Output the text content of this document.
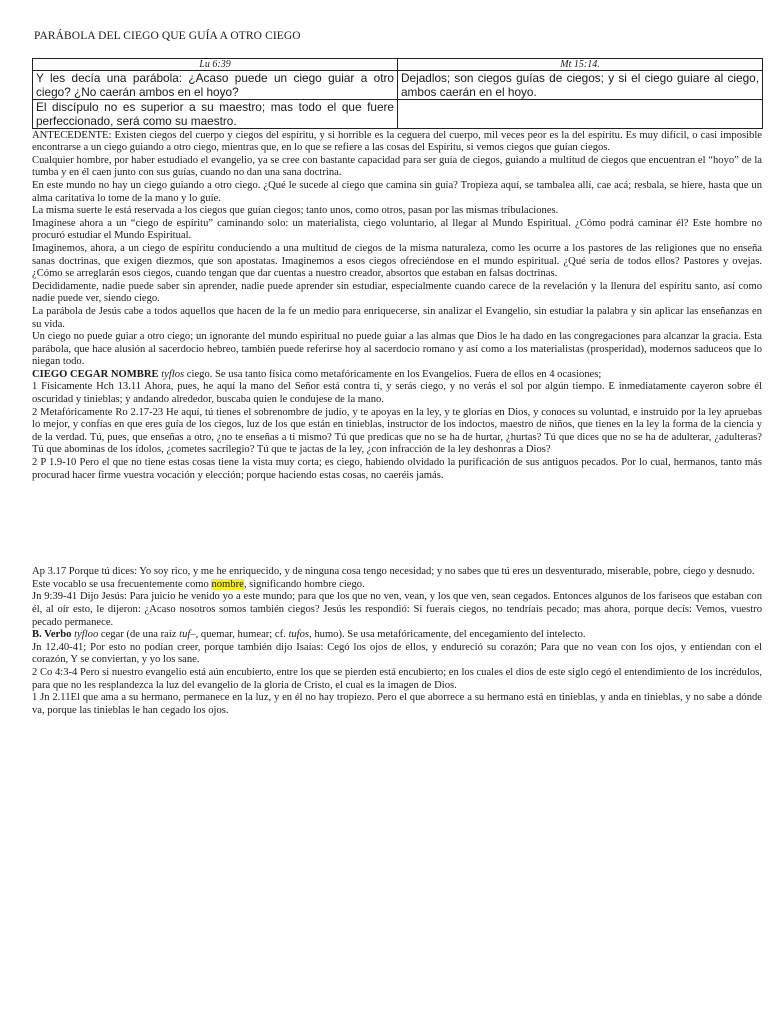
PARÁBOLA DEL CIEGO QUE GUÍA A OTRO CIEGO
Lu 6:39	Mt 15:14.
Y les decía una parábola: ¿Acaso puede un ciego guiar a otro ciego? ¿No caerán ambos en el hoyo?	Dejadlos; son ciegos guías de ciegos; y si el ciego guiare al ciego, ambos caerán en el hoyo.
El discípulo no es superior a su maestro; mas todo el que fuere perfeccionado, será como su maestro.	

ANTECEDENTE: Existen ciegos del cuerpo y ciegos del espíritu, y si horrible es la ceguera del cuerpo, mil veces peor es la del espíritu. Es muy difícil, o casi imposible encontrarse a un ciego guiando a otro ciego, mientras que, en lo que se refiere a las cosas del Espíritu, si vemos ciegos que guían ciegos.

Cualquier hombre, por haber estudiado el evangelio, ya se cree con bastante capacidad para ser guía de ciegos, guiando a multitud de ciegos que encuentran el “hoyo” de la tumba y en él caen junto con sus guías, cuando no dan una sana doctrina.

En este mundo no hay un ciego guiando a otro ciego. ¿Qué le sucede al ciego que camina sin guía? Tropieza aquí, se tambalea allí, cae acá; resbala, se hiere, hasta que un alma caritativa lo tome de la mano y lo guíe.

La misma suerte le está reservada a los ciegos que guían ciegos; tanto unos, como otros, pasan por las mismas tribulaciones.

Imagínese ahora a un “ciego de espíritu” caminando solo: un materialista, ciego voluntario, al llegar al Mundo Espiritual. ¿Cómo podrá caminar él? Este hombre no procuró estudiar el Mundo Espiritual.

Imaginemos, ahora, a un ciego de espíritu conduciendo a una multitud de ciegos de la misma naturaleza, como les ocurre a los pastores de las religiones que no enseña sanas doctrinas, que exigen diezmos, que son apostatas. Imaginemos a esos ciegos ofreciéndose en el mundo espiritual. ¿Qué sería de todos ellos? Pastores y ovejas. ¿Cómo se arreglarán esos ciegos, cuando tengan que dar cuentas a nuestro creador, absortos que estaban en falsas doctrinas.

Decididamente, nadie puede saber sin aprender, nadie puede aprender sin estudiar, especialmente cuando carece de la revelación y la llenura del espíritu santo, así como nadie puede ver, siendo ciego.

La parábola de Jesús cabe a todos aquellos que hacen de la fe un medio para enriquecerse, sin analizar el Evangelio, sin estudiar la palabra y sin aplicar las enseñanzas en su vida.

Un ciego no puede guiar a otro ciego; un ignorante del mundo espiritual no puede guiar a las almas que Dios le ha dado en las congregaciones para alcanzar la gracia. Esta parábola, que hace alusión al sacerdocio hebreo, también puede referirse hoy al sacerdocio romano y así como a los materialistas (prosperidad), modernos saduceos que lo niegan todo.

CIEGO CEGAR NOMBRE tyflos ciego. Se usa tanto física como metafóricamente en los Evangelios. Fuera de ellos en 4 ocasiones;

1 Físicamente Hch 13.11 Ahora, pues, he aquí la mano del Señor está contra ti, y serás ciego, y no verás el sol por algún tiempo. E inmediatamente cayeron sobre él oscuridad y tinieblas; y andando alrededor, buscaba quien le condujese de la mano.

2 Metafóricamente Ro 2.17-23 He aquí, tú tienes el sobrenombre de judío, y te apoyas en la ley, y te glorías en Dios, y conoces su voluntad, e instruido por la ley apruebas lo mejor, y confías en que eres guía de los ciegos, luz de los que están en tinieblas, instructor de los indoctos, maestro de niños, que tienes en la ley la forma de la ciencia y de la verdad. Tú, pues, que enseñas a otro, ¿no te enseñas a ti mismo? Tú que predicas que no se ha de hurtar, ¿hurtas? Tú que dices que no se ha de adulterar, ¿adulteras? Tú que abominas de los ídolos, ¿cometes sacrilegio? Tú que te jactas de la ley, ¿con infracción de la ley deshonras a Dios?

2 P 1.9-10 Pero el que no tiene estas cosas tiene la vista muy corta; es ciego, habiendo olvidado la purificación de sus antiguos pecados. Por lo cual, hermanos, tanto más procurad hacer firme vuestra vocación y elección; porque haciendo estas cosas, no caeréis jamás.

Ap 3.17 Porque tú dices: Yo soy rico, y me he enriquecido, y de ninguna cosa tengo necesidad; y no sabes que tú eres un desventurado, miserable, pobre, ciego y desnudo.

Este vocablo se usa frecuentemente como nombre, significando hombre ciego.

Jn 9:39-41 Dijo Jesús: Para juicio he venido yo a este mundo; para que los que no ven, vean, y los que ven, sean cegados. Entonces algunos de los fariseos que estaban con él, al oír esto, le dijeron: ¿Acaso nosotros somos también ciegos? Jesús les respondió: Si fuerais ciegos, no tendríais pecado; mas ahora, porque decís: Vemos, vuestro pecado permanece.

B. Verbo tyfloo cegar (de una raíz tuf–, quemar, humear; cf. tufos, humo). Se usa metafóricamente, del encegamiento del intelecto.

Jn 12.40-41; Por esto no podían creer, porque también dijo Isaías: Cegó los ojos de ellos, y endureció su corazón; Para que no vean con los ojos, y entiendan con el corazón, Y se conviertan, y yo los sane.

2 Co 4:3-4 Pero si nuestro evangelio está aún encubierto, entre los que se pierden está encubierto; en los cuales el dios de este siglo cegó el entendimiento de los incrédulos, para que no les resplandezca la luz del evangelio de la gloria de Cristo, el cual es la imagen de Dios.

1 Jn 2.11El que ama a su hermano, permanece en la luz, y en él no hay tropiezo. Pero el que aborrece a su hermano está en tinieblas, y anda en tinieblas, y no sabe a dónde va, porque las tinieblas le han cegado los ojos.
